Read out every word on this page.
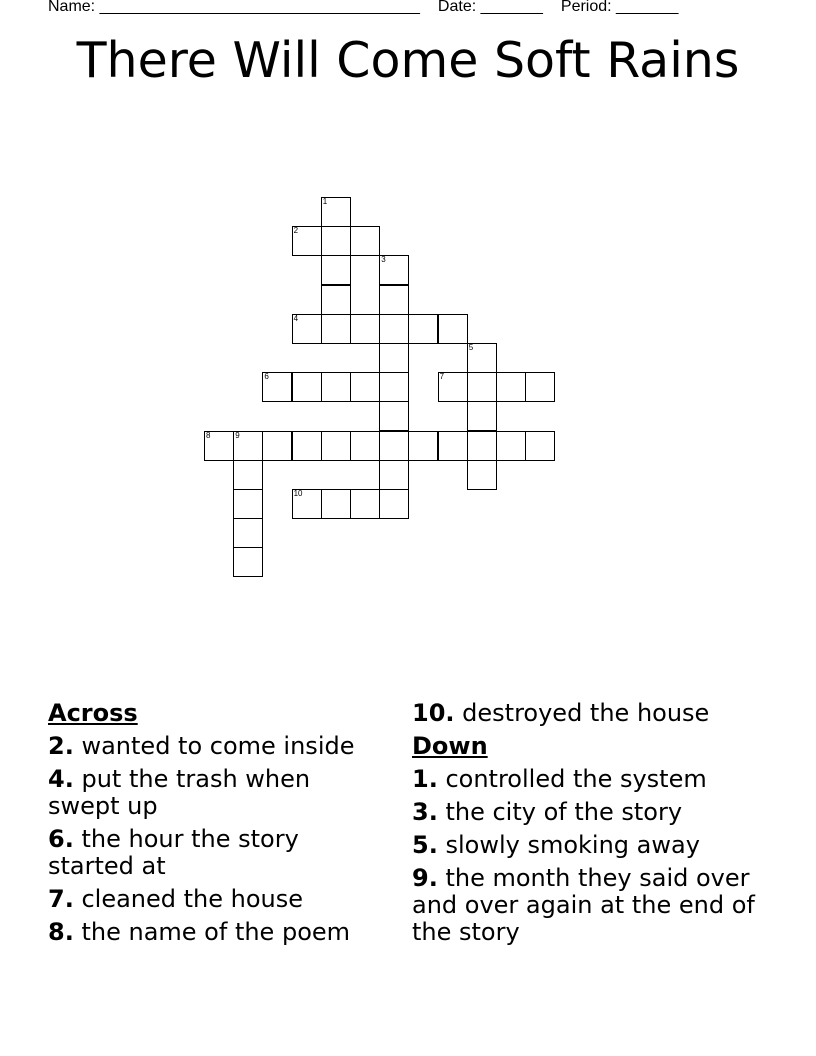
Name: ____________________________________ Date: _______ Period: _______
There Will Come Soft Rains
1
2
3
4
5
6	7
8	9
10
Across
2. wanted to come inside
4. put the trash when swept up
6. the hour the story started at
7. cleaned the house
8. the name of the poem
10. destroyed the house
Down
1. controlled the system
3. the city of the story
5. slowly smoking away
9. the month they said over and over again at the end of the story
